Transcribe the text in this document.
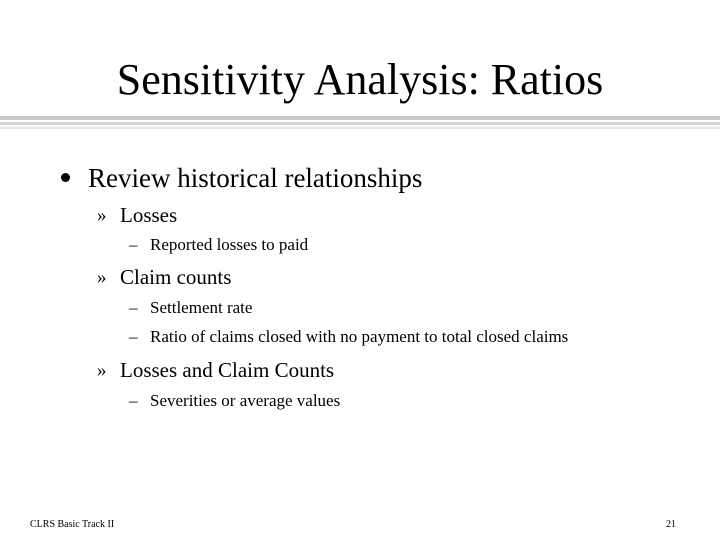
Sensitivity Analysis: Ratios
Review historical relationships
» Losses
– Reported losses to paid
» Claim counts
– Settlement rate
– Ratio of claims closed with no payment to total closed claims
» Losses and Claim Counts
– Severities or average values
CLRS Basic Track II	21
